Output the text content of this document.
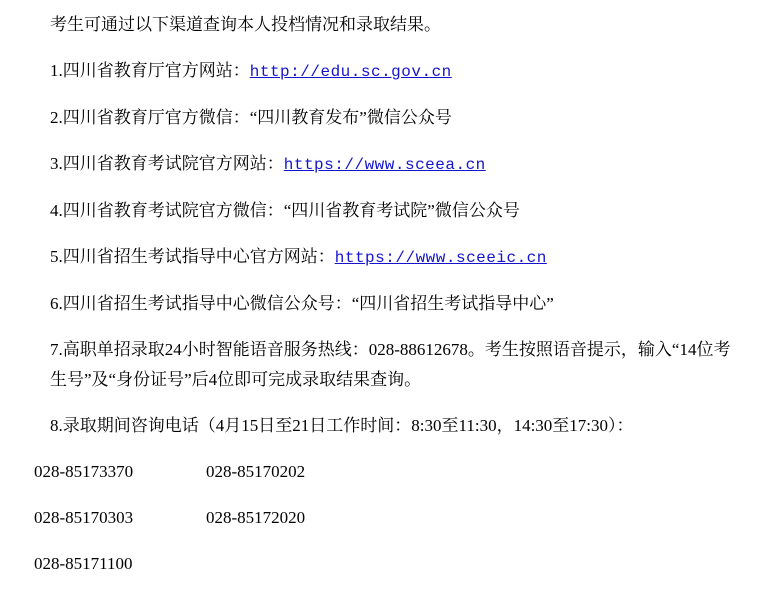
考生可通过以下渠道查询本人投档情况和录取结果。

1.四川省教育厅官方网站：http://edu.sc.gov.cn

2.四川省教育厅官方微信：“四川教育发布”微信公众号

3.四川省教育考试院官方网站：https://www.sceea.cn

4.四川省教育考试院官方微信：“四川省教育考试院”微信公众号

5.四川省招生考试指导中心官方网站：https://www.sceeic.cn

6.四川省招生考试指导中心微信公众号：“四川省招生考试指导中心”

7.高职单招录取24小时智能语音服务热线：028-88612678。考生按照语音提示，输入“14位考生号”及“身份证号”后4位即可完成录取结果查询。

8.录取期间咨询电话（4月15日至21日工作时间：8:30至11:30，14:30至17:30）：

028-85173370	028-85170202
028-85170303	028-85172020
028-85171100
